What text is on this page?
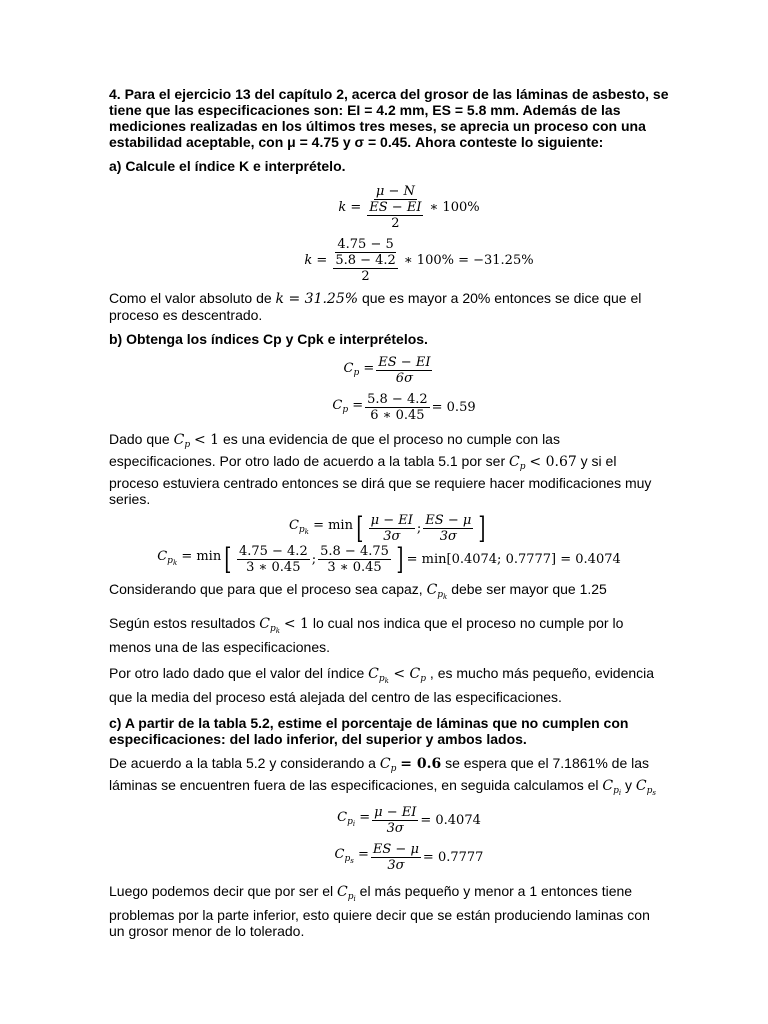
4. Para el ejercicio 13 del capítulo 2, acerca del grosor de las láminas de asbesto, se tiene que las especificaciones son: EI = 4.2 mm, ES = 5.8 mm. Además de las mediciones realizadas en los últimos tres meses, se aprecia un proceso con una estabilidad aceptable, con μ = 4.75 y σ = 0.45. Ahora conteste lo siguiente:

a) Calcule el índice K e interprételo.

$k = \frac{\mu - N}{\frac{ES - EI}{2}}$ ∗ 100%
$k = \frac{4.75 - 5}{\frac{5.8 - 4.2}{2}}$ ∗ 100% = −31.25%

Como el valor absoluto de k = 31.25% que es mayor a 20% entonces se dice que el proceso es descentrado.

b) Obtenga los índices Cp y Cpk e interprételos.

$C_p = \frac{ES - EI}{6\sigma}$
$C_p = \frac{5.8 - 4.2}{6 ∗ 0.45} = 0.59$

Dado que $C_p < 1$ es una evidencia de que el proceso no cumple con las especificaciones. Por otro lado de acuerdo a la tabla 5.1 por ser $C_p < 0.67$ y si el proceso estuviera centrado entonces se dirá que se requiere hacer modificaciones muy series.

$C_{p_k} = \min$ [ $\frac{\mu - EI}{3\sigma}$ ; $\frac{ES - \mu}{3\sigma}$ ]
$C_{p_k} = \min$ [ $\frac{4.75 - 4.2}{3 ∗ 0.45}$ ; $\frac{5.8 - 4.75}{3 ∗ 0.45}$ ] = min[0.4074; 0.7777] = 0.4074

Considerando que para que el proceso sea capaz, $C_{p_k}$ debe ser mayor que 1.25

Según estos resultados $C_{p_k} < 1$ lo cual nos indica que el proceso no cumple por lo menos una de las especificaciones.

Por otro lado dado que el valor del índice $C_{p_k} < C_p$ , es mucho más pequeño, evidencia que la media del proceso está alejada del centro de las especificaciones.

c) A partir de la tabla 5.2, estime el porcentaje de láminas que no cumplen con especificaciones: del lado inferior, del superior y ambos lados.

De acuerdo a la tabla 5.2 y considerando a $C_p = 0.6$ se espera que el 7.1861% de las láminas se encuentren fuera de las especificaciones, en seguida calculamos el $C_{p_i}$ y $C_{p_s}$

$C_{p_i} = \frac{\mu - EI}{3\sigma} = 0.4074$
$C_{p_s} = \frac{ES - \mu}{3\sigma} = 0.7777$

Luego podemos decir que por ser el $C_{p_i}$ el más pequeño y menor a 1 entonces tiene problemas por la parte inferior, esto quiere decir que se están produciendo laminas con un grosor menor de lo tolerado.
